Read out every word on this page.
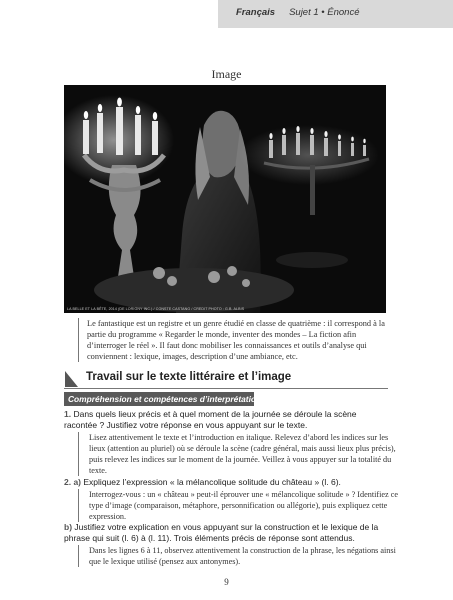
Français Sujet 1 • Énoncé
Image
LA BELLE ET LA BÊTE, 2014 (DE LORIGNY INC.) / CONSTE CASTANG / CREDIT PHOTO : G.B. ALBIS

Le fantastique est un registre et un genre étudié en classe de quatrième : il correspond à la partie du programme « Regarder le monde, inventer des mondes – La fiction afin d’interroger le réel ». Il faut donc mobiliser les connaissances et outils d’analyse qui conviennent : lexique, images, description d’une ambiance, etc.

Travail sur le texte littéraire et l’image
Compréhension et compétences d’interprétation
1. Dans quels lieux précis et à quel moment de la journée se déroule la scène racontée ? Justifiez votre réponse en vous appuyant sur le texte.

Lisez attentivement le texte et l’introduction en italique. Relevez d’abord les indices sur les lieux (attention au pluriel) où se déroule la scène (cadre général, mais aussi lieux plus précis), puis relevez les indices sur le moment de la journée. Veillez à vous appuyer sur la totalité du texte.

2. a) Expliquez l’expression « la mélancolique solitude du château » (l. 6).

Interrogez-vous : un « château » peut-il éprouver une « mélancolique solitude » ? Identifiez ce type d’image (comparaison, métaphore, personnification ou allégorie), puis expliquez cette expression.

b) Justifiez votre explication en vous appuyant sur la construction et le lexique de la phrase qui suit (l. 6) à (l. 11). Trois éléments précis de réponse sont attendus.

Dans les lignes 6 à 11, observez attentivement la construction de la phrase, les négations ainsi que le lexique utilisé (pensez aux antonymes).

9
